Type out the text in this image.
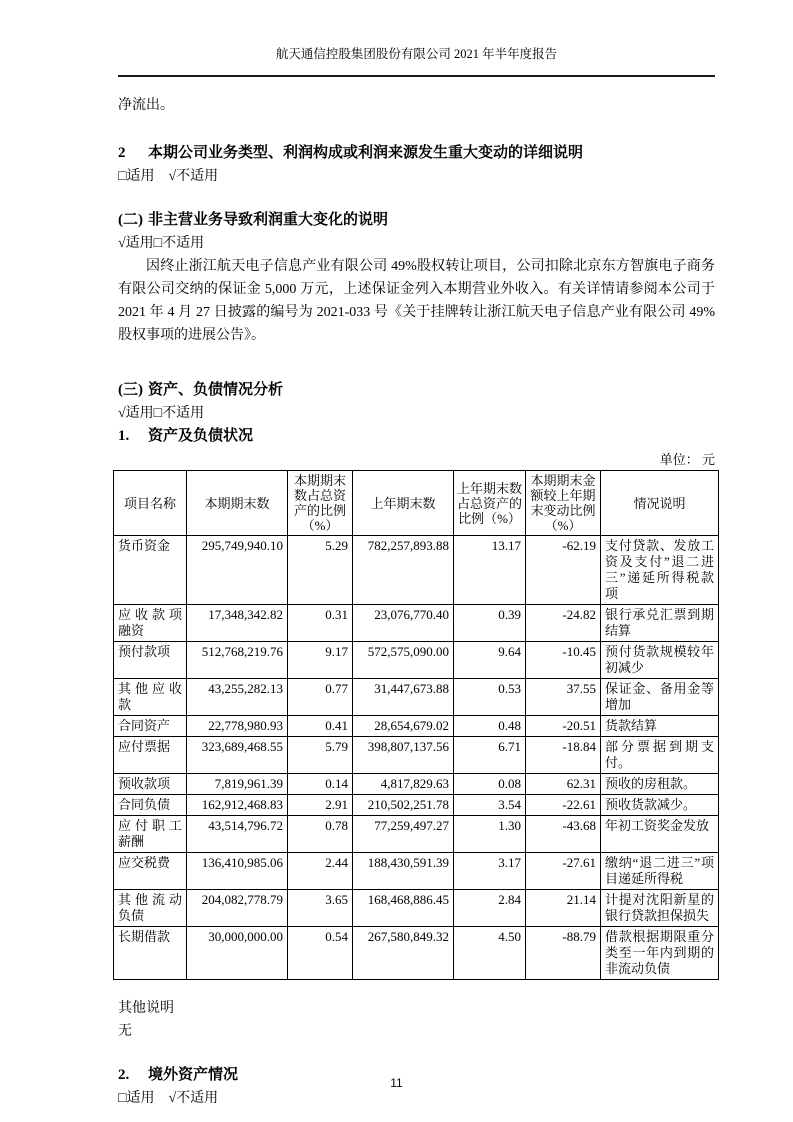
航天通信控股集团股份有限公司 2021 年半年度报告

净流出。

2	本期公司业务类型、利润构成或利润来源发生重大变动的详细说明

□适用　√不适用

(二) 非主营业务导致利润重大变化的说明

√适用□不适用

因终止浙江航天电子信息产业有限公司 49%股权转让项目，公司扣除北京东方智旗电子商务有限公司交纳的保证金 5,000 万元，上述保证金列入本期营业外收入。有关详情请参阅本公司于 2021 年 4 月 27 日披露的编号为 2021-033 号《关于挂牌转让浙江航天电子信息产业有限公司 49%股权事项的进展公告》。

(三) 资产、负债情况分析

√适用□不适用

1.	资产及负债状况
单位： 元
项目名称	本期期末数	本期期末数占总资产的比例（%）	上年期末数	上年期末数占总资产的比例（%）	本期期末金额较上年期末变动比例（%）	情况说明
货币资金	295,749,940.10	5.29	782,257,893.88	13.17	-62.19	支付贷款、发放工资及支付”退二进三”递延所得税款项
应收款项融资	17,348,342.82	0.31	23,076,770.40	0.39	-24.82	银行承兑汇票到期结算
预付款项	512,768,219.76	9.17	572,575,090.00	9.64	-10.45	预付货款规模较年初减少
其他应收款	43,255,282.13	0.77	31,447,673.88	0.53	37.55	保证金、备用金等增加
合同资产	22,778,980.93	0.41	28,654,679.02	0.48	-20.51	货款结算
应付票据	323,689,468.55	5.79	398,807,137.56	6.71	-18.84	部分票据到期支付。
预收款项	7,819,961.39	0.14	4,817,829.63	0.08	62.31	预收的房租款。
合同负债	162,912,468.83	2.91	210,502,251.78	3.54	-22.61	预收货款减少。
应付职工薪酬	43,514,796.72	0.78	77,259,497.27	1.30	-43.68	年初工资奖金发放
应交税费	136,410,985.06	2.44	188,430,591.39	3.17	-27.61	缴纳“退二进三”项目递延所得税
其他流动负债	204,082,778.79	3.65	168,468,886.45	2.84	21.14	计提对沈阳新星的银行贷款担保损失
长期借款	30,000,000.00	0.54	267,580,849.32	4.50	-88.79	借款根据期限重分类至一年内到期的非流动负债

其他说明

无

2.	境外资产情况

□适用　√不适用

11
